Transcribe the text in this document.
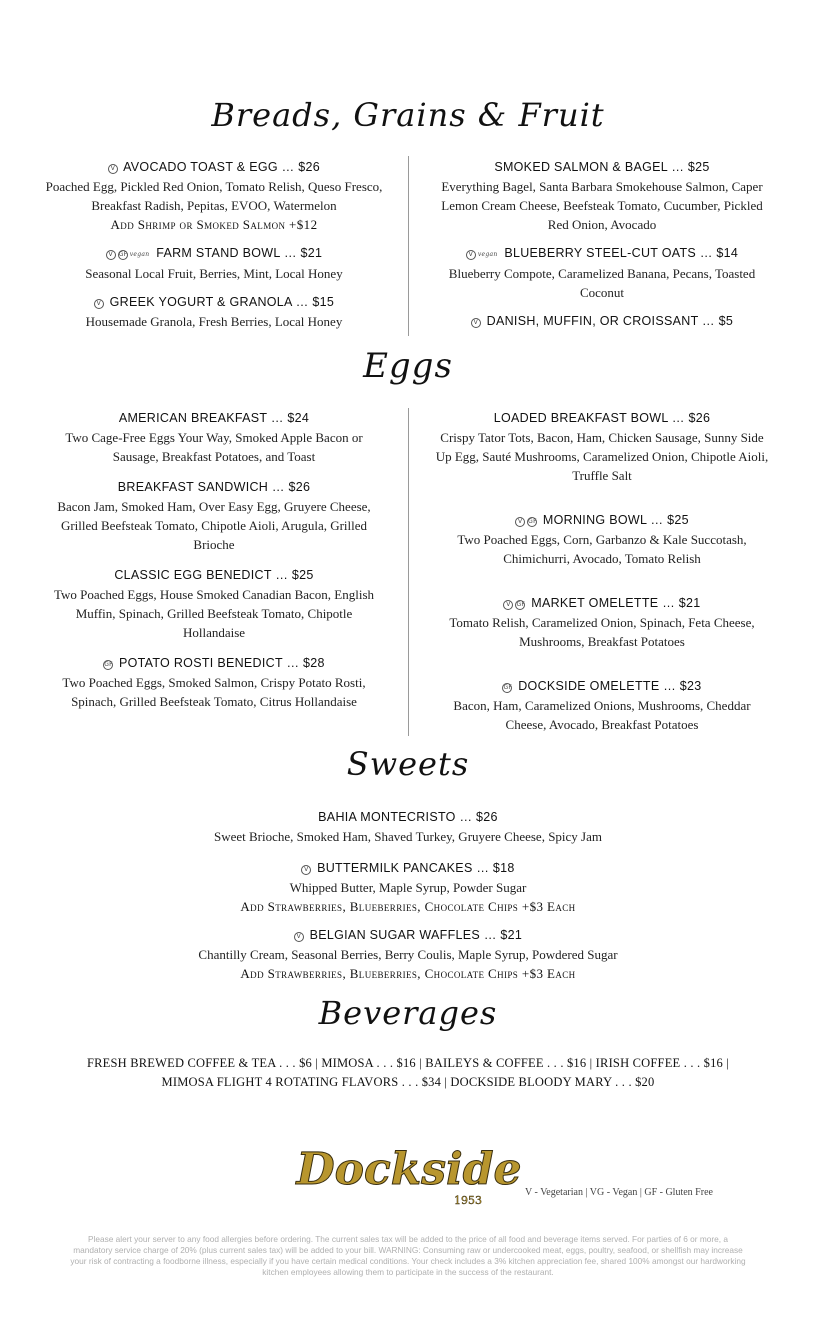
Breads, Grains & Fruit
V AVOCADO TOAST & EGG … $26
Poached Egg, Pickled Red Onion, Tomato Relish, Queso Fresco, Breakfast Radish, Pepitas, EVOO, Watermelon
Add Shrimp or Smoked Salmon +$12
V GF vegan FARM STAND BOWL … $21
Seasonal Local Fruit, Berries, Mint, Local Honey
V GREEK YOGURT & GRANOLA … $15
Housemade Granola, Fresh Berries, Local Honey
SMOKED SALMON & BAGEL … $25
Everything Bagel, Santa Barbara Smokehouse Salmon, Caper Lemon Cream Cheese, Beefsteak Tomato, Cucumber, Pickled Red Onion, Avocado
V vegan BLUEBERRY STEEL-CUT OATS … $14
Blueberry Compote, Caramelized Banana, Pecans, Toasted Coconut
V DANISH, MUFFIN, OR CROISSANT … $5
Eggs
AMERICAN BREAKFAST … $24
Two Cage-Free Eggs Your Way, Smoked Apple Bacon or Sausage, Breakfast Potatoes, and Toast
BREAKFAST SANDWICH … $26
Bacon Jam, Smoked Ham, Over Easy Egg, Gruyere Cheese, Grilled Beefsteak Tomato, Chipotle Aioli, Arugula, Grilled Brioche
CLASSIC EGG BENEDICT … $25
Two Poached Eggs, House Smoked Canadian Bacon, English Muffin, Spinach, Grilled Beefsteak Tomato, Chipotle Hollandaise
GF POTATO ROSTI BENEDICT … $28
Two Poached Eggs, Smoked Salmon, Crispy Potato Rosti, Spinach, Grilled Beefsteak Tomato, Citrus Hollandaise
LOADED BREAKFAST BOWL … $26
Crispy Tator Tots, Bacon, Ham, Chicken Sausage, Sunny Side Up Egg, Sauté Mushrooms, Caramelized Onion, Chipotle Aioli, Truffle Salt
V GF MORNING BOWL … $25
Two Poached Eggs, Corn, Garbanzo & Kale Succotash, Chimichurri, Avocado, Tomato Relish
V GF MARKET OMELETTE … $21
Tomato Relish, Caramelized Onion, Spinach, Feta Cheese, Mushrooms, Breakfast Potatoes
GF DOCKSIDE OMELETTE … $23
Bacon, Ham, Caramelized Onions, Mushrooms, Cheddar Cheese, Avocado, Breakfast Potatoes
Sweets
BAHIA MONTECRISTO … $26
Sweet Brioche, Smoked Ham, Shaved Turkey, Gruyere Cheese, Spicy Jam
V BUTTERMILK PANCAKES … $18
Whipped Butter, Maple Syrup, Powder Sugar
Add Strawberries, Blueberries, Chocolate Chips +$3 Each
V BELGIAN SUGAR WAFFLES … $21
Chantilly Cream, Seasonal Berries, Berry Coulis, Maple Syrup, Powdered Sugar
Add Strawberries, Blueberries, Chocolate Chips +$3 Each
Beverages
FRESH BREWED COFFEE & TEA . . . $6 | MIMOSA . . . $16 | BAILEYS & COFFEE . . . $16 | IRISH COFFEE . . . $16 |
MIMOSA FLIGHT 4 ROTATING FLAVORS . . . $34 | DOCKSIDE BLOODY MARY . . . $20
Dockside
1953
V - Vegetarian | VG - Vegan | GF - Gluten Free
Please alert your server to any food allergies before ordering. The current sales tax will be added to the price of all food and beverage items served. For parties of 6 or more, a mandatory service charge of 20% (plus current sales tax) will be added to your bill. WARNING: Consuming raw or undercooked meat, eggs, poultry, seafood, or shellfish may increase your risk of contracting a foodborne illness, especially if you have certain medical conditions. Your check includes a 3% kitchen appreciation fee, shared 100% amongst our hardworking kitchen employees allowing them to participate in the success of the restaurant.
